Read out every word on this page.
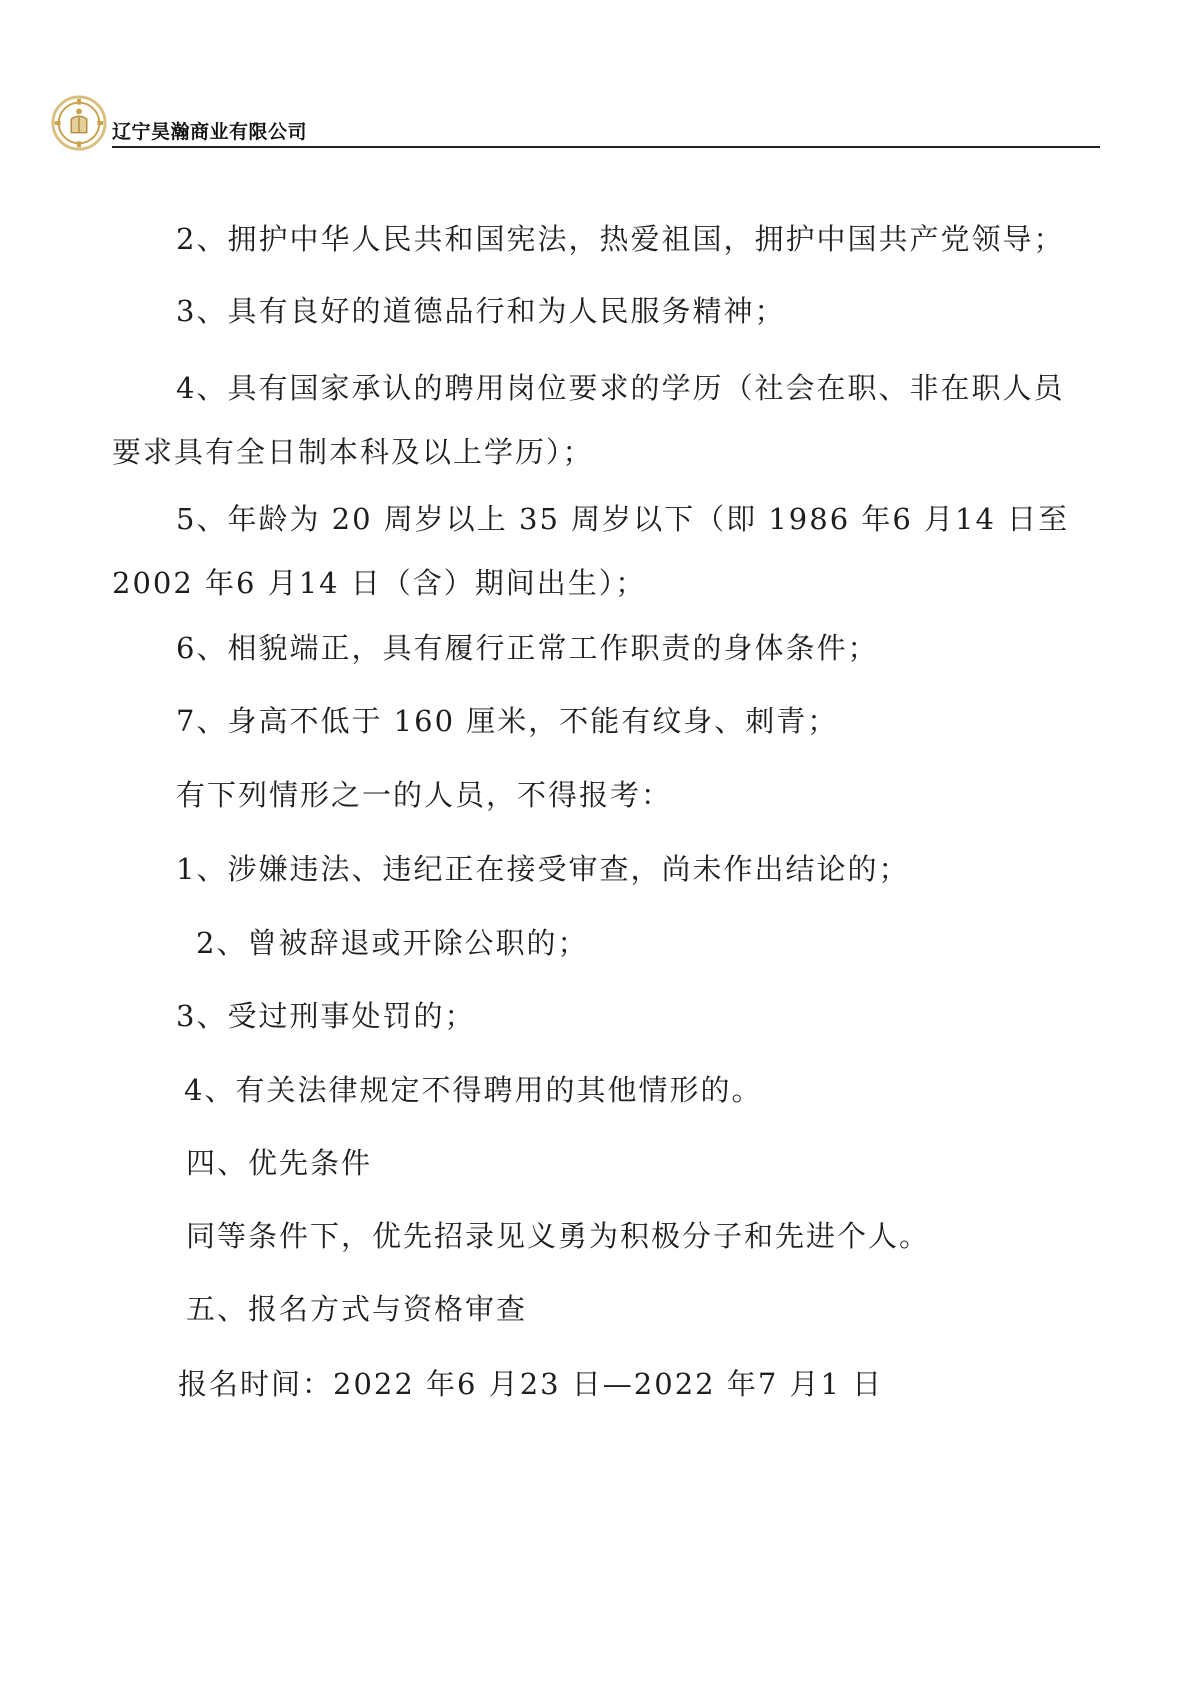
辽宁昊瀚商业有限公司
2、拥护中华人民共和国宪法，热爱祖国，拥护中国共产党领导；
3、具有良好的道德品行和为人民服务精神；
4、具有国家承认的聘用岗位要求的学历（社会在职、非在职人员 要求具有全日制本科及以上学历）；
5、年龄为 20 周岁以上 35 周岁以下（即 1986 年6 月14 日至 2002 年6 月14 日（含）期间出生）；
6、相貌端正，具有履行正常工作职责的身体条件；
7、身高不低于 160 厘米，不能有纹身、刺青；
有下列情形之一的人员，不得报考：
1、涉嫌违法、违纪正在接受审查，尚未作出结论的；
2、曾被辞退或开除公职的；
3、受过刑事处罚的；
4、有关法律规定不得聘用的其他情形的。
四、优先条件
同等条件下，优先招录见义勇为积极分子和先进个人。
五、报名方式与资格审查
报名时间：2022 年6 月23 日—2022 年7 月1 日
